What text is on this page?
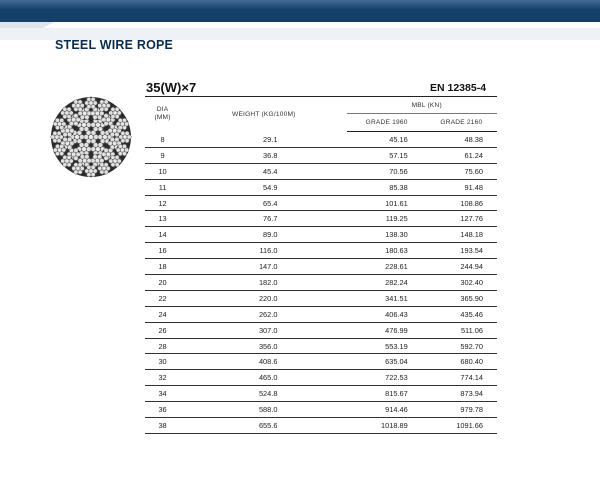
STEEL WIRE ROPE
35(W)×7	EN 12385-4
DIA
(MM)	WEIGHT (KG/100M)	MBL (KN)	
		GRADE 1960	GRADE 2160
8	29.1	45.16	48.38
9	36.8	57.15	61.24
10	45.4	70.56	75.60
11	54.9	85.38	91.48
12	65.4	101.61	108.86
13	76.7	119.25	127.76
14	89.0	138.30	148.18
16	116.0	180.63	193.54
18	147.0	228.61	244.94
20	182.0	282.24	302.40
22	220.0	341.51	365.90
24	262.0	406.43	435.46
26	307.0	476.99	511.06
28	356.0	553.19	592.70
30	408.6	635.04	680.40
32	465.0	722.53	774.14
34	524.8	815.67	873.94
36	588.0	914.46	979.78
38	655.6	1018.89	1091.66
